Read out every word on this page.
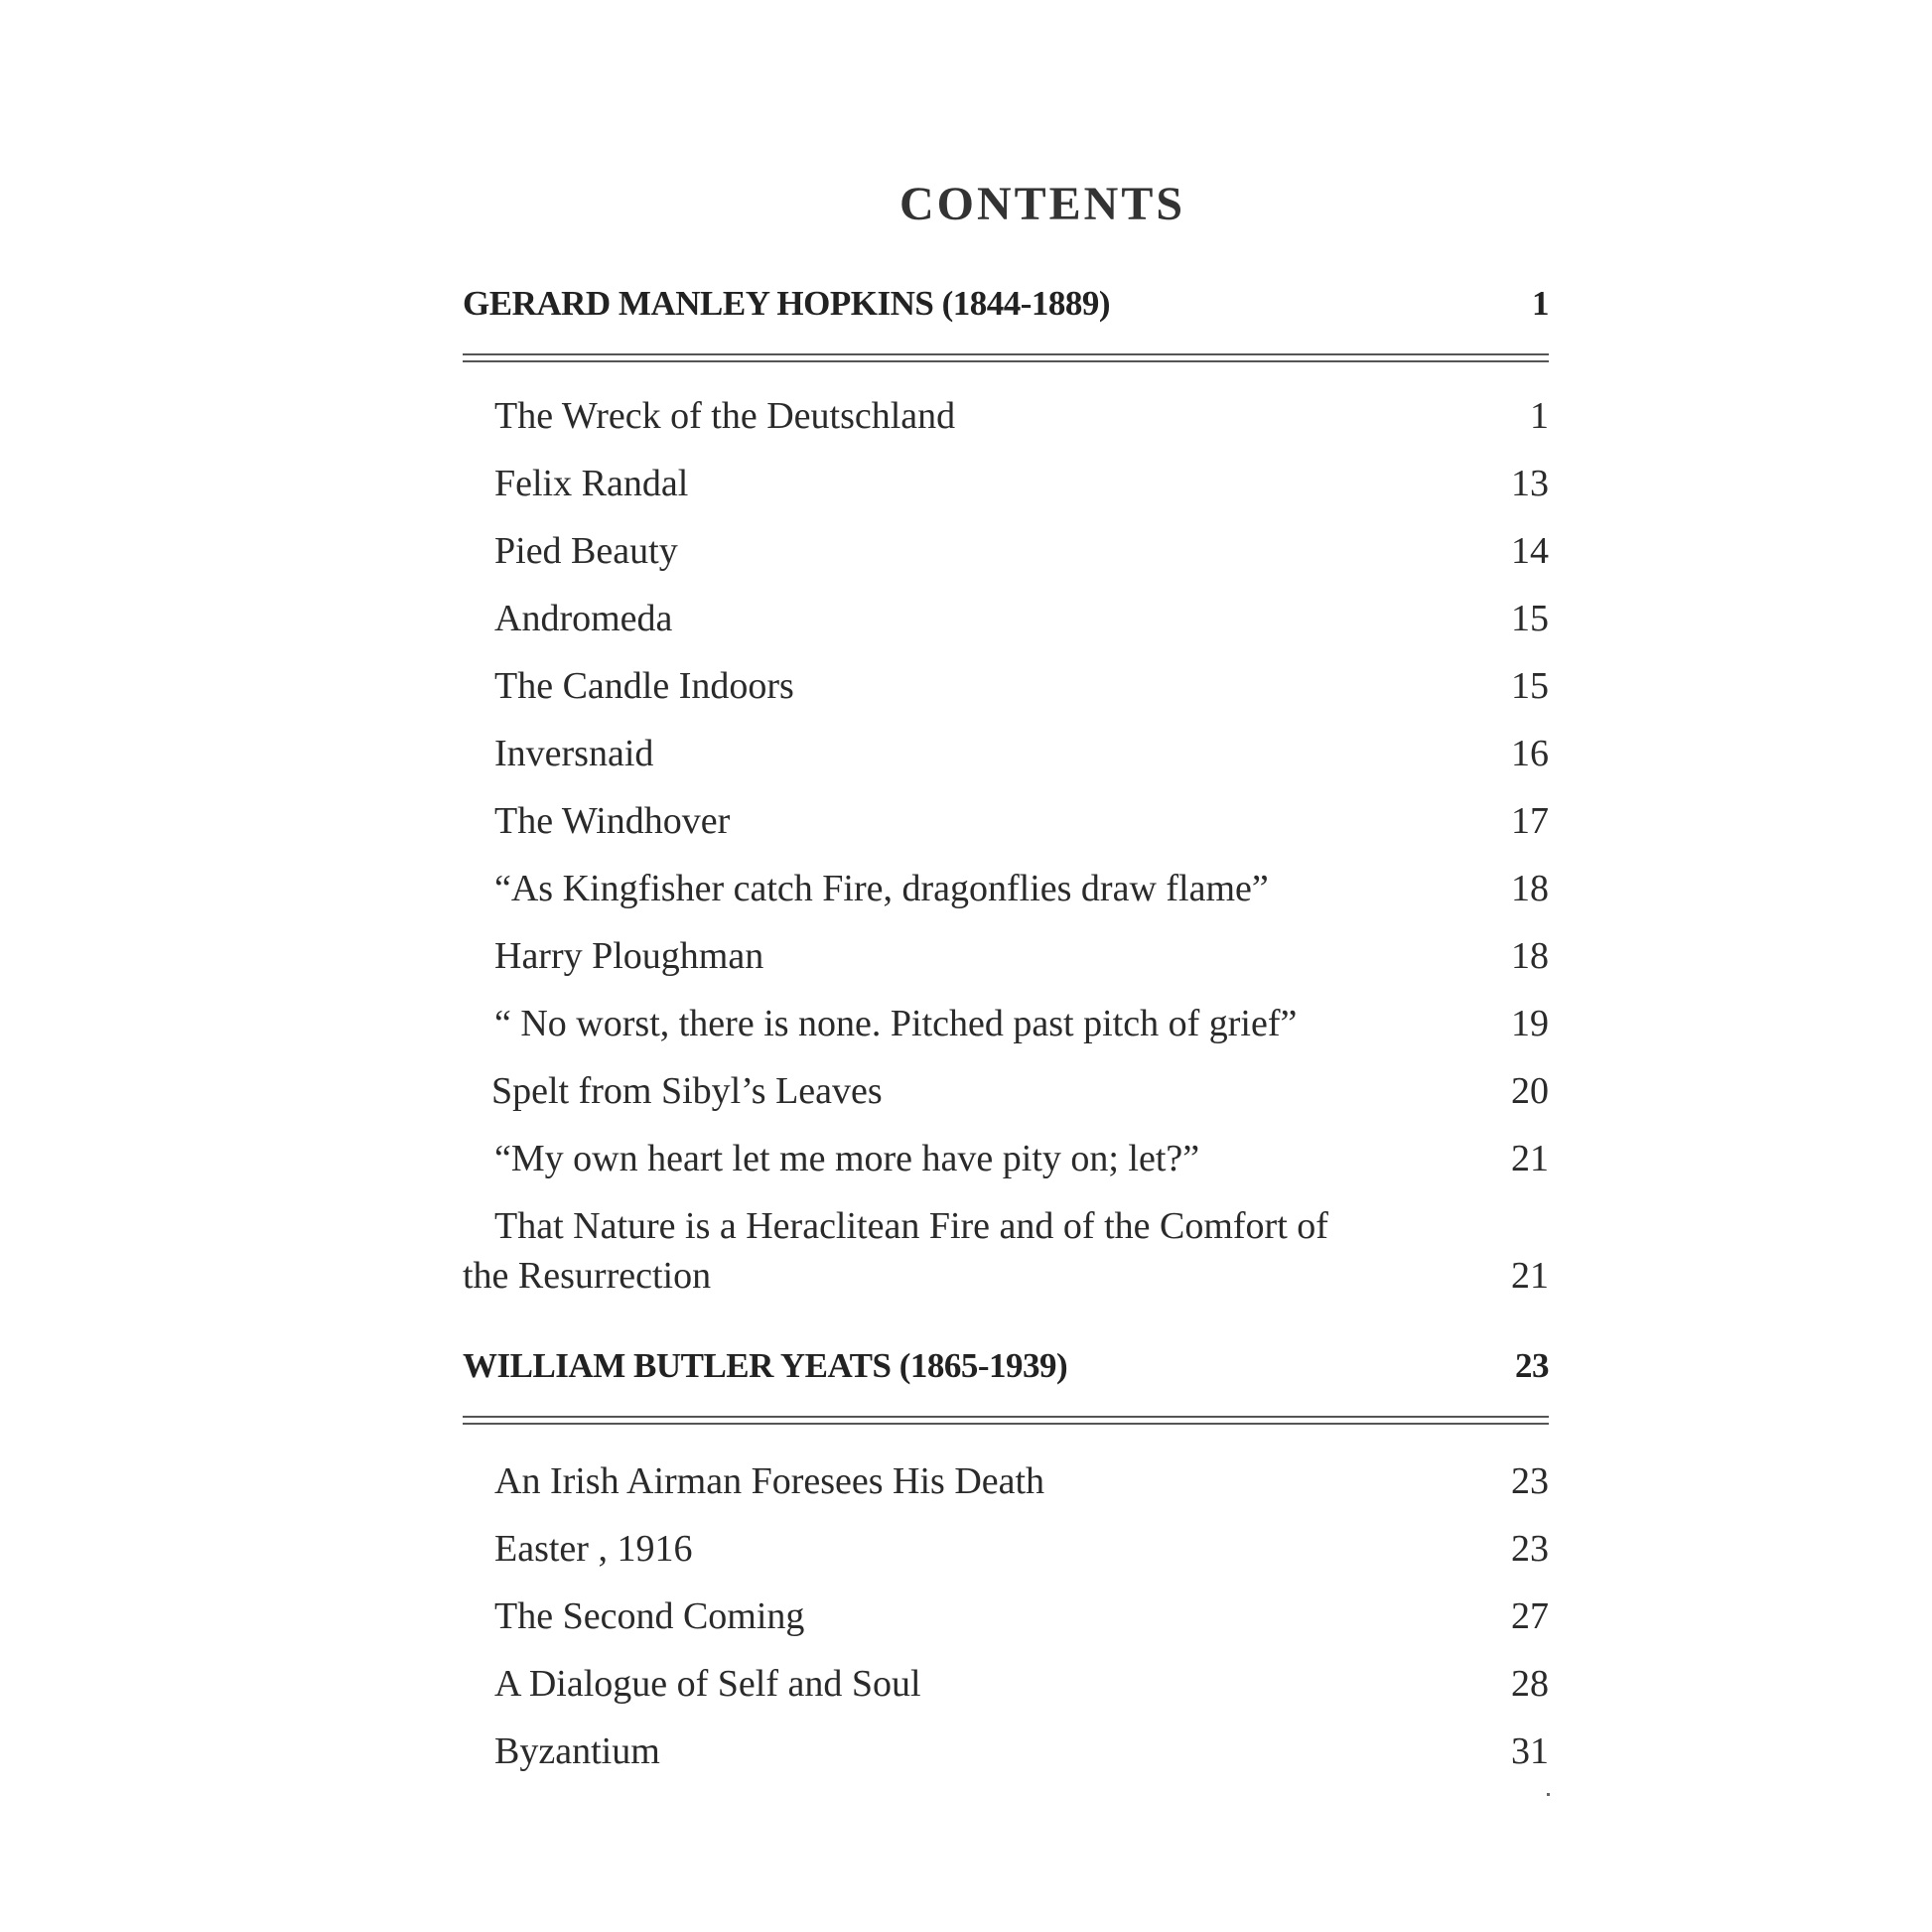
CONTENTS
GERARD MANLEY HOPKINS (1844-1889)	1
The Wreck of the Deutschland	1
Felix Randal	13
Pied Beauty	14
Andromeda	15
The Candle Indoors	15
Inversnaid	16
The Windhover	17
“As Kingfisher catch Fire, dragonflies draw flame”	18
Harry Ploughman	18
“ No worst, there is none. Pitched past pitch of grief”	19
Spelt from Sibyl’s Leaves	20
“My own heart let me more have pity on; let?”	21
That Nature is a Heraclitean Fire and of the Comfort of
the Resurrection	21
WILLIAM BUTLER YEATS (1865-1939)	23
An Irish Airman Foresees His Death	23
Easter , 1916	23
The Second Coming	27
A Dialogue of Self and Soul	28
Byzantium	31
